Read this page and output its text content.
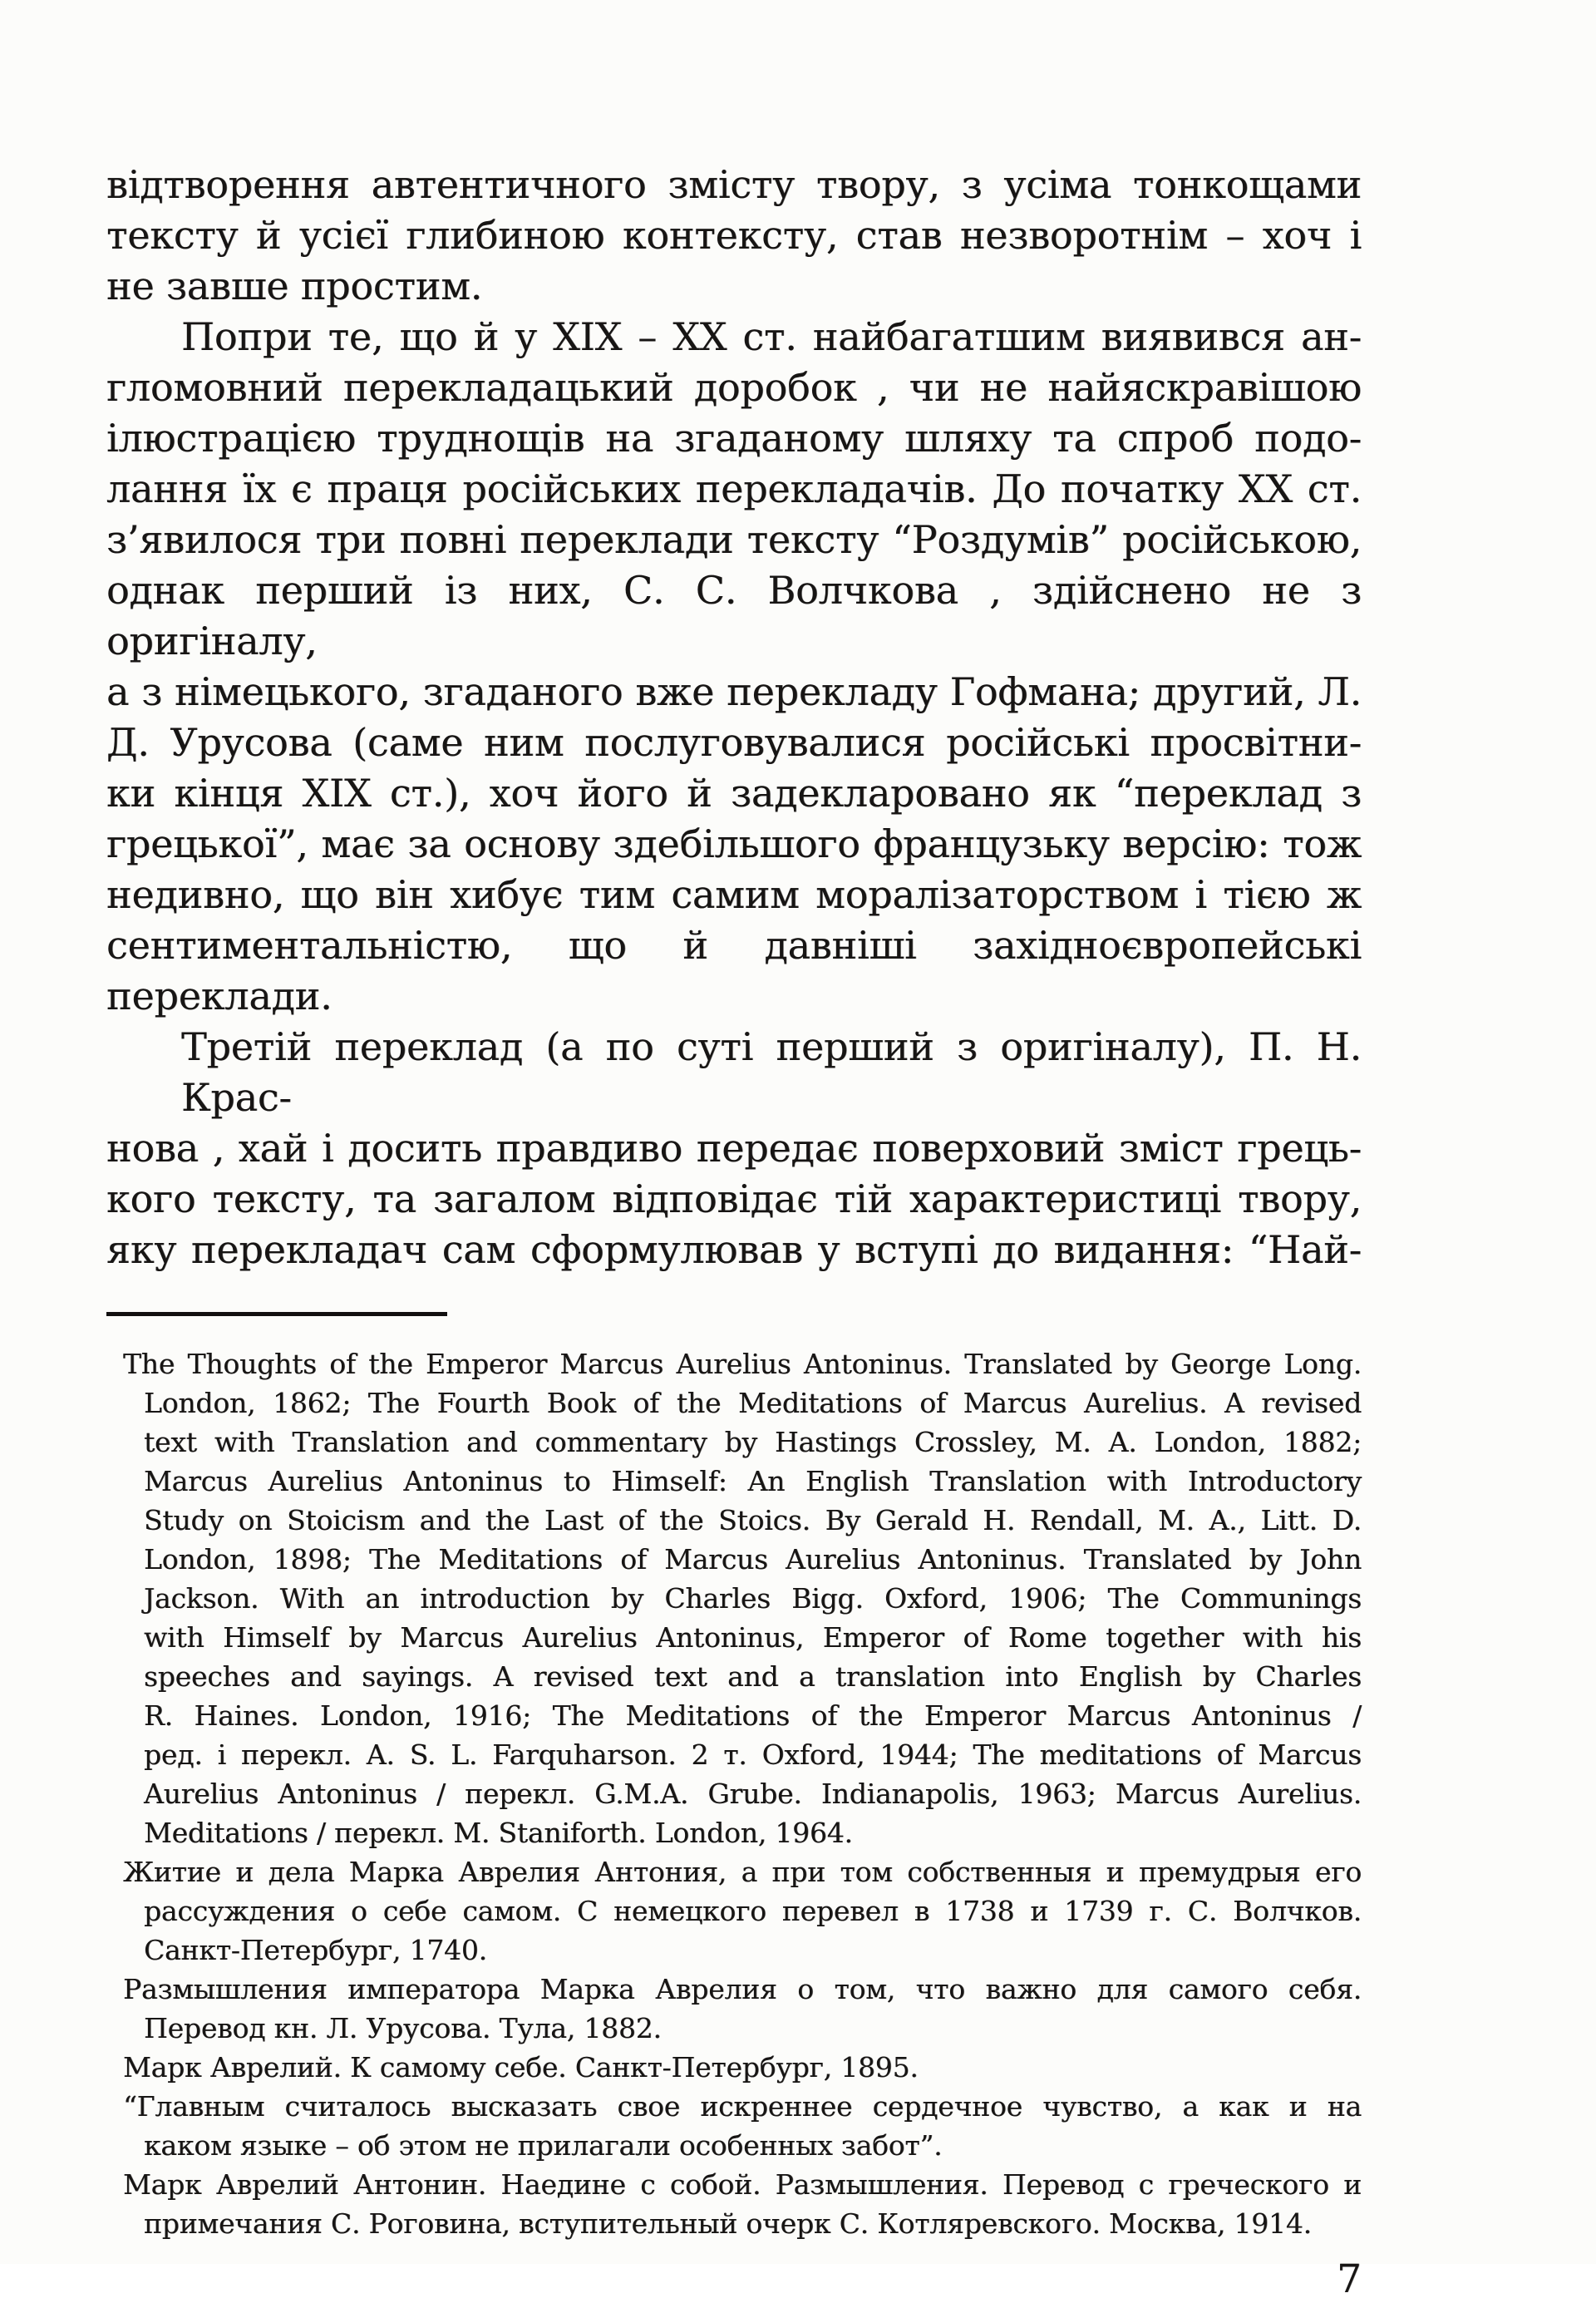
відтворення автентичного змісту твору, з усіма тонкощами
тексту й усієї глибиною контексту, став незворотнім – хоч і
не завше простим.
Попри те, що й у XIX – XX ст. найбагатшим виявився ан-
гломовний перекладацький доробок , чи не найяскравішою
ілюстрацією труднощів на згаданому шляху та спроб подо-
лання їх є праця російських перекладачів. До початку XX ст.
з’явилося три повні переклади тексту “Роздумів” російською,
однак перший із них, С. С. Волчкова , здійснено не з оригіналу,
а з німецького, згаданого вже перекладу Гофмана; другий, Л.
Д. Урусова (саме ним послуговувалися російські просвітни-
ки кінця XIX ст.), хоч його й задекларовано як “переклад з
грецької”, має за основу здебільшого французьку версію: тож
недивно, що він хибує тим самим моралізаторством і тією ж
сентиментальністю, що й давніші західноєвропейські переклади.
Третій переклад (а по суті перший з оригіналу), П. Н. Крас-
нова , хай і досить правдиво передає поверховий зміст грець-
кого тексту, та загалом відповідає тій характеристиці твору,
яку перекладач сам сформулював у вступі до видання: “Най-
The Thoughts of the Emperor Marcus Aurelius Antoninus. Translated by George Long.
London, 1862; The Fourth Book of the Meditations of Marcus Aurelius. A revised
text with Translation and commentary by Hastings Crossley, M. A. London, 1882;
Marcus Aurelius Antoninus to Himself: An English Translation with Introductory
Study on Stoicism and the Last of the Stoics. By Gerald H. Rendall, M. A., Litt. D.
London, 1898; The Meditations of Marcus Aurelius Antoninus. Translated by John
Jackson. With an introduction by Charles Bigg. Oxford, 1906; The Communings
with Himself by Marcus Aurelius Antoninus, Emperor of Rome together with his
speeches and sayings. A revised text and a translation into English by Charles
R. Haines. London, 1916; The Meditations of the Emperor Marcus Antoninus /
ред. і перекл. A. S. L. Farquharson. 2 т. Oxford, 1944; The meditations of Marcus
Aurelius Antoninus / перекл. G.M.A. Grube. Indianapolis, 1963; Marcus Aurelius.
Meditations / перекл. M. Staniforth. London, 1964.
Житие и дела Марка Аврелия Антония, а при том собственныя и премудрыя его
рассуждения о себе самом. С немецкого перевел в 1738 и 1739 г. С. Волчков.
Санкт-Петербург, 1740.
Размышления императора Марка Аврелия о том, что важно для самого себя.
Перевод кн. Л. Урусова. Тула, 1882.
Марк Аврелий. К самому себе. Санкт-Петербург, 1895.
“Главным считалось высказать свое искреннее сердечное чувство, а как и на
каком языке – об этом не прилагали особенных забот”.
Марк Аврелий Антонин. Наедине с собой. Размышления. Перевод с греческого и
примечания С. Роговина, вступительный очерк С. Котляревского. Москва, 1914.
7
